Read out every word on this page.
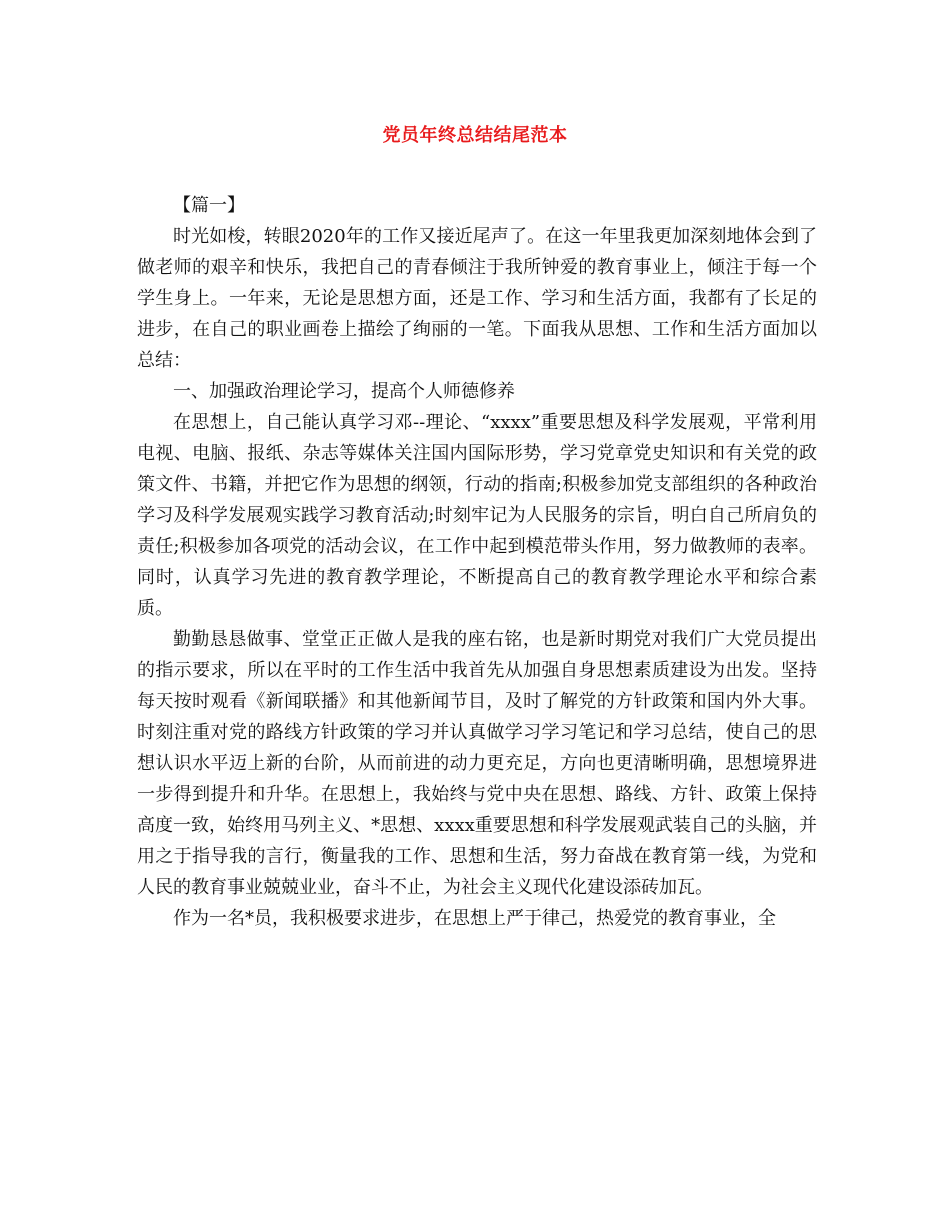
党员年终总结结尾范本

【篇一】

时光如梭，转眼2020年的工作又接近尾声了。在这一年里我更加深刻地体会到了做老师的艰辛和快乐，我把自己的青春倾注于我所钟爱的教育事业上，倾注于每一个学生身上。一年来，无论是思想方面，还是工作、学习和生活方面，我都有了长足的进步，在自己的职业画卷上描绘了绚丽的一笔。下面我从思想、工作和生活方面加以总结：

一、加强政治理论学习，提高个人师德修养

在思想上，自己能认真学习邓--理论、“xxxx”重要思想及科学发展观，平常利用电视、电脑、报纸、杂志等媒体关注国内国际形势，学习党章党史知识和有关党的政策文件、书籍，并把它作为思想的纲领，行动的指南;积极参加党支部组织的各种政治学习及科学发展观实践学习教育活动;时刻牢记为人民服务的宗旨，明白自己所肩负的责任;积极参加各项党的活动会议，在工作中起到模范带头作用，努力做教师的表率。同时，认真学习先进的教育教学理论，不断提高自己的教育教学理论水平和综合素质。

勤勤恳恳做事、堂堂正正做人是我的座右铭，也是新时期党对我们广大党员提出的指示要求，所以在平时的工作生活中我首先从加强自身思想素质建设为出发。坚持每天按时观看《新闻联播》和其他新闻节目，及时了解党的方针政策和国内外大事。时刻注重对党的路线方针政策的学习并认真做学习学习笔记和学习总结，使自己的思想认识水平迈上新的台阶，从而前进的动力更充足，方向也更清晰明确，思想境界进一步得到提升和升华。在思想上，我始终与党中央在思想、路线、方针、政策上保持高度一致，始终用马列主义、*思想、xxxx重要思想和科学发展观武装自己的头脑，并用之于指导我的言行，衡量我的工作、思想和生活，努力奋战在教育第一线，为党和人民的教育事业兢兢业业，奋斗不止，为社会主义现代化建设添砖加瓦。

作为一名*员，我积极要求进步，在思想上严于律己，热爱党的教育事业，全
